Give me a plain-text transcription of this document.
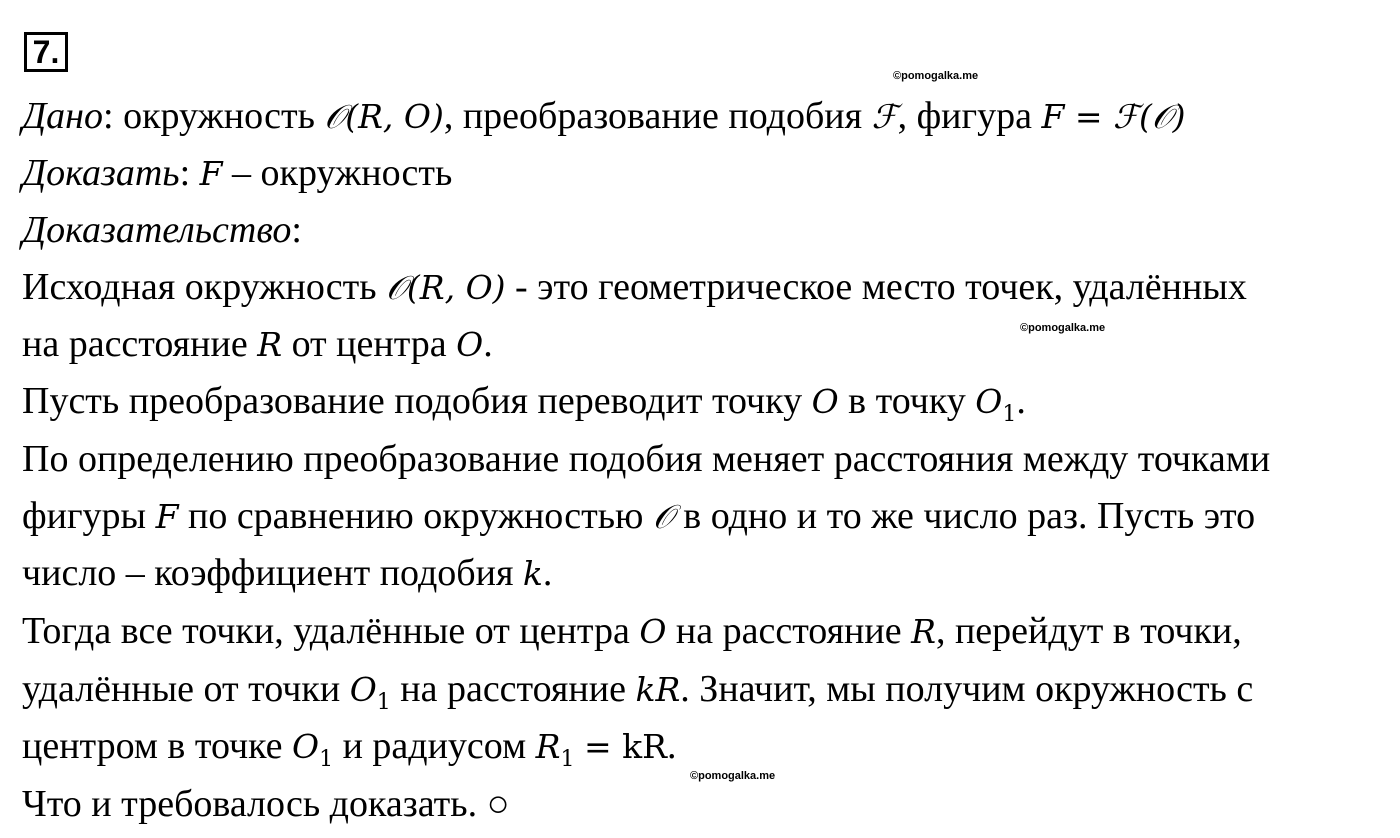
7.
©pomogalka.me
©pomogalka.me
©pomogalka.me
Дано: окружность 𝒪(R, O), преобразование подобия ℱ, фигура F = ℱ(𝒪)
Доказать: F – окружность
Доказательство:
Исходная окружность 𝒪(R, O) - это геометрическое место точек, удалённых
на расстояние R от центра O.
Пусть преобразование подобия переводит точку O в точку $O_1$.
По определению преобразование подобия меняет расстояния между точками
фигуры F по сравнению окружностью 𝒪 в одно и то же число раз. Пусть это
число – коэффициент подобия k.
Тогда все точки, удалённые от центра O на расстояние R, перейдут в точки,
удалённые от точки $O_1$ на расстояние kR. Значит, мы получим окружность с
центром в точке $O_1$ и радиусом $R_1$ = kR.
Что и требовалось доказать. ○
